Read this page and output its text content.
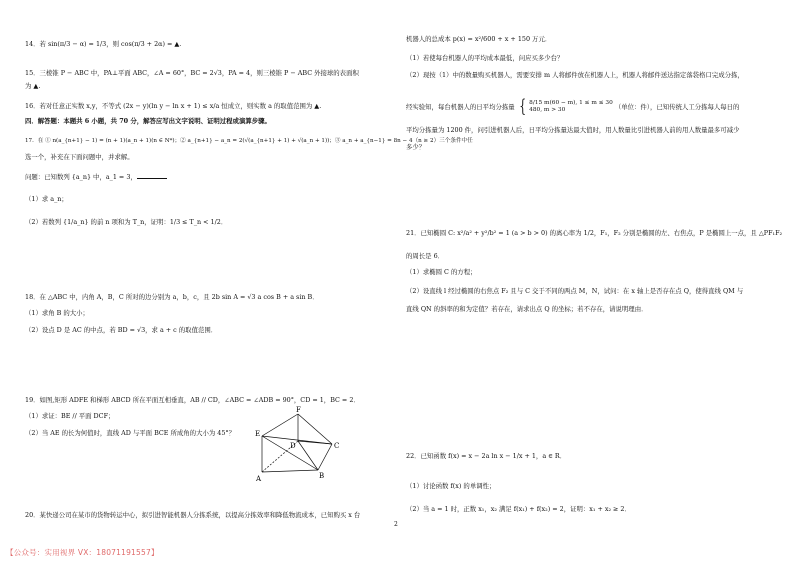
14．若 sin(π/3 − α) = 1/3，则 cos(π/3 + 2α) = ▲.
15．三棱锥 P − ABC 中，PA⊥平面 ABC，∠A = 60°，BC = 2√3，PA = 4，则三棱锥 P − ABC 外接球的表面积
为 ▲.
16．若对任意正实数 x,y，不等式 (2x − y)(ln y − ln x + 1) ≤ x/a 恒成立，则实数 a 的取值范围为 ▲.
四．解答题：本题共 6 小题，共 70 分，解答应写出文字说明、证明过程或演算步骤。
17．在 ① n(a_{n+1} − 1) = (n + 1)(a_n + 1)(n ∈ N*)；② a_{n+1} − a_n = 2(√(a_{n+1} + 1) + √(a_n + 1))；③ a_n + a_{n−1} = 8n − 4（n ≥ 2）三个条件中任
选一个，补充在下面问题中，并求解。
问题：已知数列 {a_n} 中，a_1 = 3，
（1）求 a_n；
（2）若数列 {1/a_n} 的前 n 项和为 T_n，证明：1/3 ≤ T_n < 1/2．
18．在 △ABC 中，内角 A，B，C 所对的边分别为 a，b，c，且 2b sin A = √3 a cos B + a sin B．
（1）求角 B 的大小；
（2）设点 D 是 AC 的中点，若 BD = √3，求 a + c 的取值范围．
19．如图,矩形 ADFE 和梯形 ABCD 所在平面互相垂直，AB // CD，∠ABC = ∠ADB = 90°，CD = 1，BC = 2．
（1）求证：BE // 平面 DCF；
（2）当 AE 的长为何值时，直线 AD 与平面 BCE 所成角的大小为 45°？
F
E
D	C
B
A
20．某快递公司在某市的货物转运中心，拟引进智能机器人分拣系统，以提高分拣效率和降低物流成本，已知购买 x 台
机器人的总成本 p(x) = x²/600 + x + 150 万元．
（1）若使每台机器人的平均成本最低，问应买多少台？
（2）现按（1）中的数量购买机器人，需要安排 m 人将邮件放在机器人上，机器人将邮件送达指定落袋格口完成分拣，
经实验知，每台机器人的日平均分拣量 { 8/15 m(60 − m), 1 ≤ m ≤ 30
480, m > 30	（单位：件），已知传统人工分拣每人每日的
平均分拣量为 1200 件，问引进机器人后，日平均分拣量达最大值时，用人数量比引进机器人前的用人数量最多可减少
多少？
21．已知椭圆 C: x²/a² + y²/b² = 1 (a > b > 0) 的离心率为 1/2，F₁，F₂ 分别是椭圆的左、右焦点，P 是椭圆上一点，且 △PF₁F₂
的周长是 6．
（1）求椭圆 C 的方程；
（2）设直线 l 经过椭圆的右焦点 F₂ 且与 C 交于不同的两点 M，N，试问：在 x 轴上是否存在点 Q，使得直线 QM 与
直线 QN 的斜率的和为定值？若存在，请求出点 Q 的坐标；若不存在，请说明理由．
22．已知函数 f(x) = x − 2a ln x − 1/x + 1，a ∈ R．
（1）讨论函数 f(x) 的单调性；
（2）当 a = 1 时，正数 x₁，x₂ 满足 f(x₁) + f(x₂) = 2，证明：x₁ + x₂ ≥ 2．
2
【公众号：实用视界 VX：18071191557】
